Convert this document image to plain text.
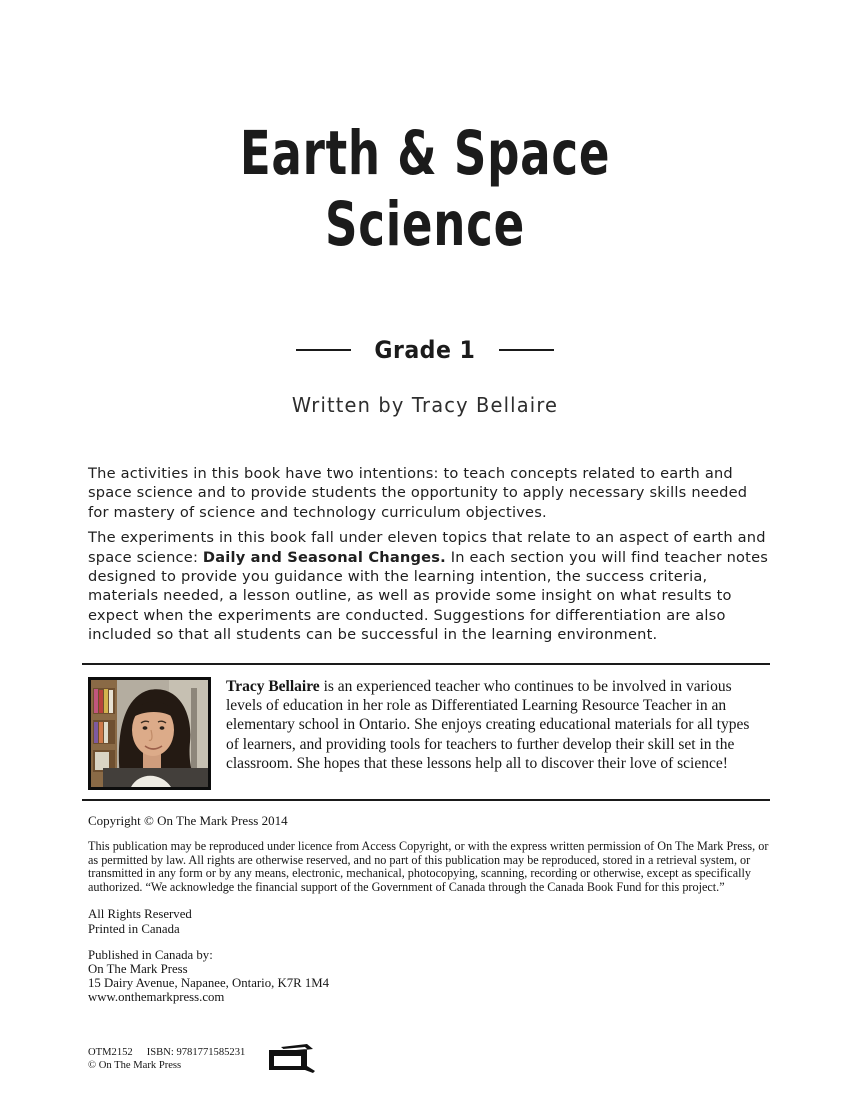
Earth & Space
Science
Grade 1
Written by Tracy Bellaire

The activities in this book have two intentions: to teach concepts related to earth and space science and to provide students the opportunity to apply necessary skills needed for mastery of science and technology curriculum objectives.

The experiments in this book fall under eleven topics that relate to an aspect of earth and space science: Daily and Seasonal Changes. In each section you will find teacher notes designed to provide you guidance with the learning intention, the success criteria, materials needed, a lesson outline, as well as provide some insight on what results to expect when the experiments are conducted. Suggestions for differentiation are also included so that all students can be successful in the learning environment.

Tracy Bellaire is an experienced teacher who continues to be involved in various levels of education in her role as Differentiated Learning Resource Teacher in an elementary school in Ontario. She enjoys creating educational materials for all types of learners, and providing tools for teachers to further develop their skill set in the classroom. She hopes that these lessons help all to discover their love of science!
Copyright © On The Mark Press 2014
This publication may be reproduced under licence from Access Copyright, or with the express written permission of On The Mark Press, or as permitted by law. All rights are otherwise reserved, and no part of this publication may be reproduced, stored in a retrieval system, or transmitted in any form or by any means, electronic, mechanical, photocopying, scanning, recording or otherwise, except as specifically authorized. “We acknowledge the financial support of the Government of Canada through the Canada Book Fund for this project.”
All Rights Reserved
Printed in Canada
Published in Canada by:
On The Mark Press
15 Dairy Avenue, Napanee, Ontario, K7R 1M4
www.onthemarkpress.com
OTM2152 ISBN: 9781771585231
© On The Mark Press
